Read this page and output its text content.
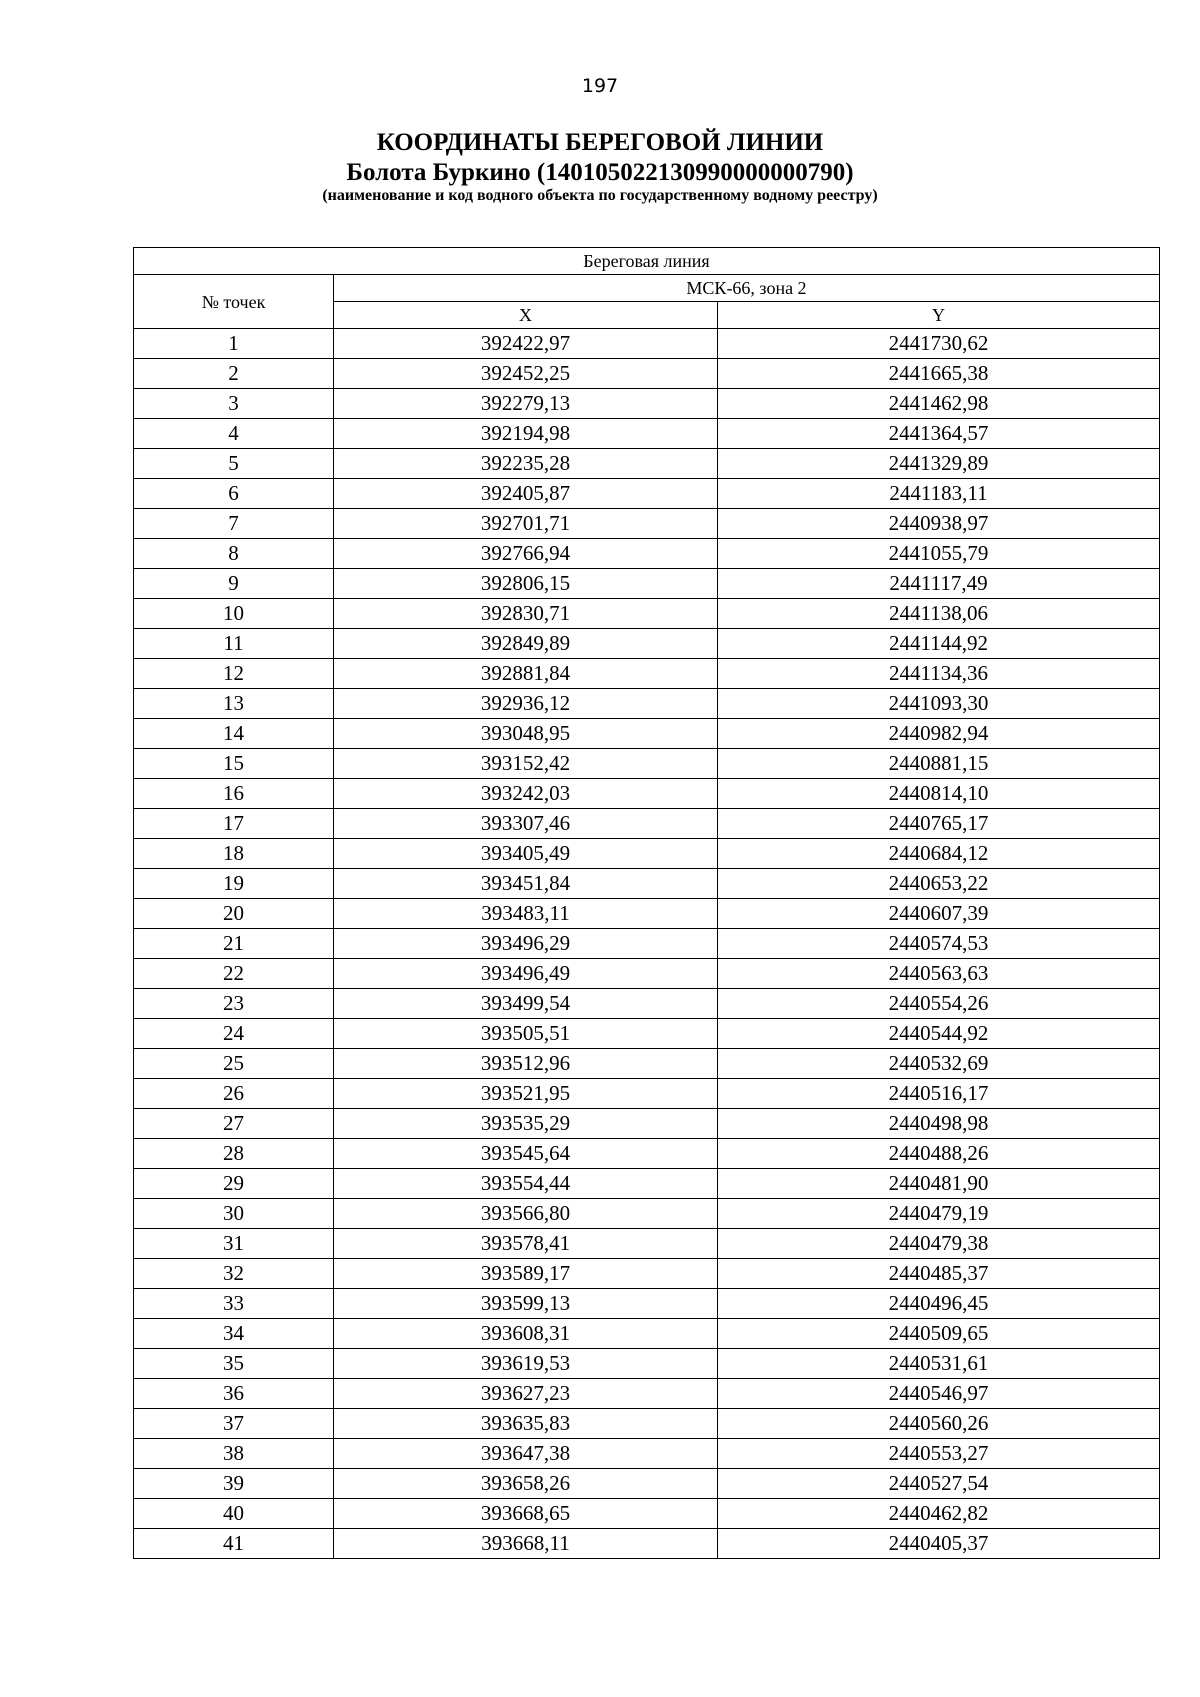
197
КООРДИНАТЫ БЕРЕГОВОЙ ЛИНИИ
Болота Буркино (140105022130990000000790)
(наименование и код водного объекта по государственному водному реестру)
Береговая линия		
№ точек	МСК-66, зона 2	
	X	Y
1	392422,97	2441730,62
2	392452,25	2441665,38
3	392279,13	2441462,98
4	392194,98	2441364,57
5	392235,28	2441329,89
6	392405,87	2441183,11
7	392701,71	2440938,97
8	392766,94	2441055,79
9	392806,15	2441117,49
10	392830,71	2441138,06
11	392849,89	2441144,92
12	392881,84	2441134,36
13	392936,12	2441093,30
14	393048,95	2440982,94
15	393152,42	2440881,15
16	393242,03	2440814,10
17	393307,46	2440765,17
18	393405,49	2440684,12
19	393451,84	2440653,22
20	393483,11	2440607,39
21	393496,29	2440574,53
22	393496,49	2440563,63
23	393499,54	2440554,26
24	393505,51	2440544,92
25	393512,96	2440532,69
26	393521,95	2440516,17
27	393535,29	2440498,98
28	393545,64	2440488,26
29	393554,44	2440481,90
30	393566,80	2440479,19
31	393578,41	2440479,38
32	393589,17	2440485,37
33	393599,13	2440496,45
34	393608,31	2440509,65
35	393619,53	2440531,61
36	393627,23	2440546,97
37	393635,83	2440560,26
38	393647,38	2440553,27
39	393658,26	2440527,54
40	393668,65	2440462,82
41	393668,11	2440405,37
